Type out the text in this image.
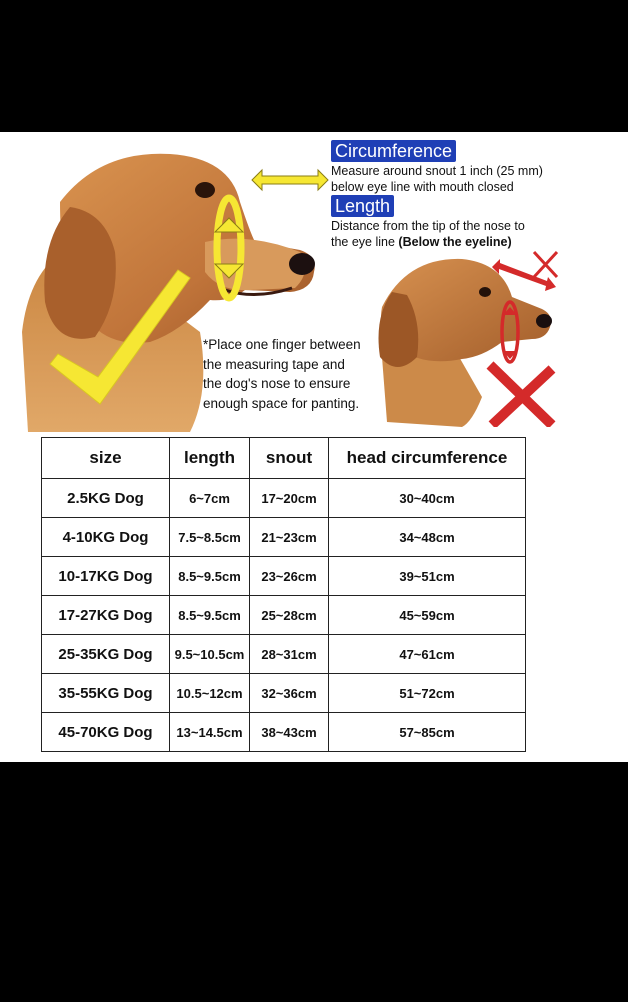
Circumference
Measure around snout 1 inch (25 mm)
below eye line with mouth closed
Length
Distance from the tip of the nose to
the eye line (Below the eyeline)
*Place one finger between
the measuring tape and
the dog's nose to ensure
enough space for panting.
size	length	snout	head circumference
2.5KG Dog	6~7cm	17~20cm	30~40cm
4-10KG Dog	7.5~8.5cm	21~23cm	34~48cm
10-17KG Dog	8.5~9.5cm	23~26cm	39~51cm
17-27KG Dog	8.5~9.5cm	25~28cm	45~59cm
25-35KG Dog	9.5~10.5cm	28~31cm	47~61cm
35-55KG Dog	10.5~12cm	32~36cm	51~72cm
45-70KG Dog	13~14.5cm	38~43cm	57~85cm
